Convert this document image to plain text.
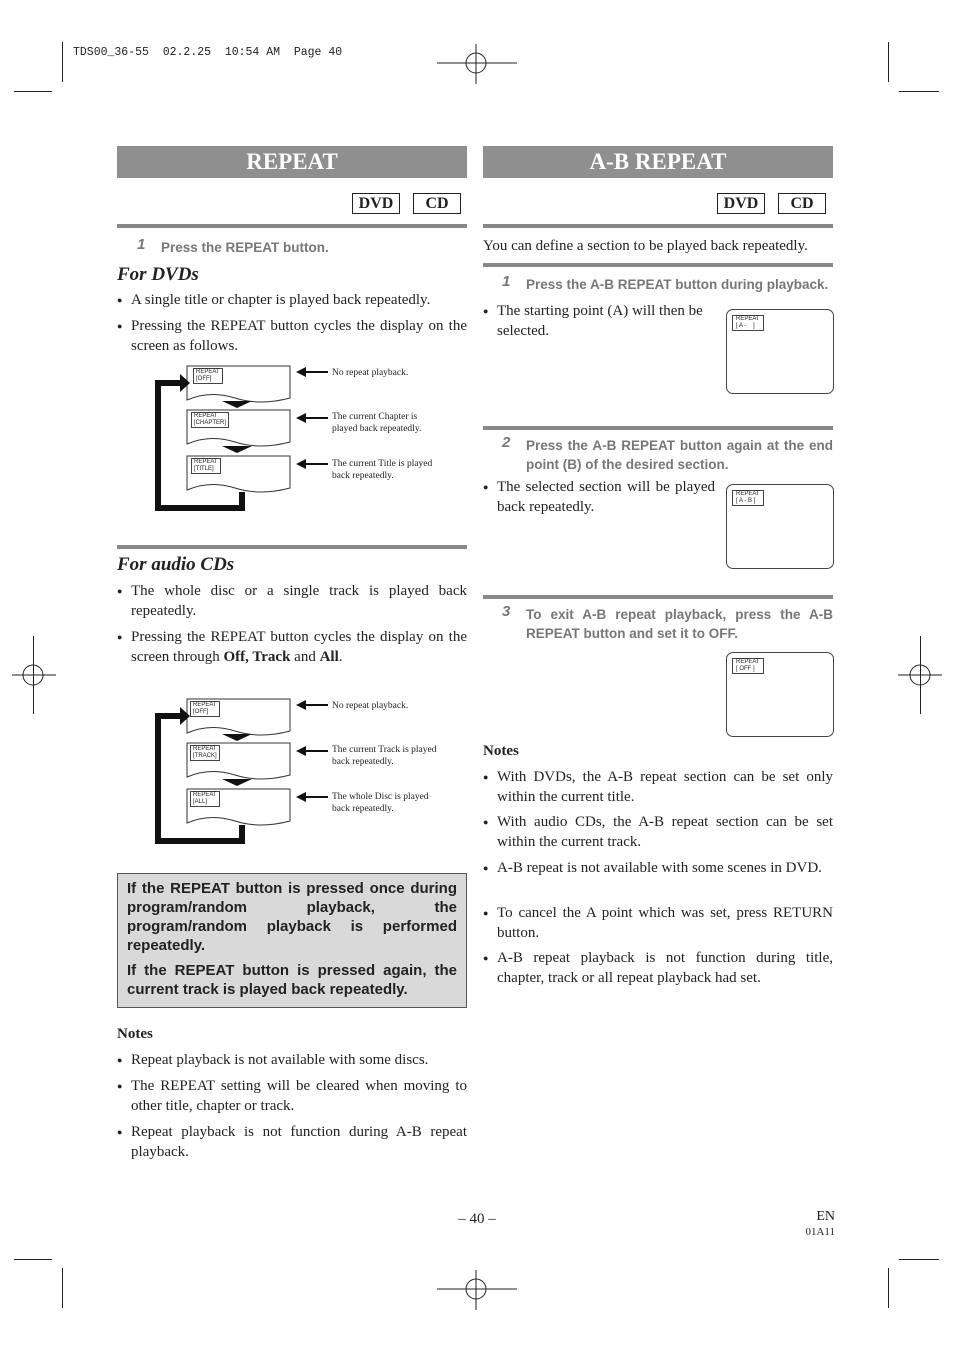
TDS00_36-55  02.2.25  10:54 AM  Page 40
REPEAT
DVD	CD
1 Press the REPEAT button.
For DVDs
● A single title or chapter is played back repeatedly.
● Pressing the REPEAT button cycles the display on the screen as follows.
REPEAT
[OFF]
REPEAT
[CHAPTER]
REPEAT
[TITLE]
No repeat playback.
The current Chapter is played back repeatedly.
The current Title is played back repeatedly.
For audio CDs
● The whole disc or a single track is played back repeatedly.
● Pressing the REPEAT button cycles the display on the screen through Off, Track and All.
REPEAT
[OFF]
REPEAT
[TRACK]
REPEAT
[ALL]
No repeat playback.
The current Track is played back repeatedly.
The whole Disc is played back repeatedly.
If the REPEAT button is pressed once during program/random playback, the program/random playback is performed repeatedly.
If the REPEAT button is pressed again, the current track is played back repeatedly.
Notes
● Repeat playback is not available with some discs.
● The REPEAT setting will be cleared when moving to other title, chapter or track.
● Repeat playback is not function during A-B repeat playback.
A-B REPEAT
DVD	CD
You can define a section to be played back repeatedly.
1 Press the A-B REPEAT button during playback.
● The starting point (A) will then be selected.
REPEAT
[ A -    ]
2 Press the A-B REPEAT button again at the end point (B) of the desired section.
● The selected section will be played back repeatedly.
REPEAT
[ A - B ]
3 To exit A-B repeat playback, press the A-B REPEAT button and set it to OFF.
REPEAT
[ OFF ]
Notes
● With DVDs, the A-B repeat section can be set only within the current title.
● With audio CDs, the A-B repeat section can be set within the current track.
● A-B repeat is not available with some scenes in DVD.
● To cancel the A point which was set, press RETURN button.
● A-B repeat playback is not function during title, chapter, track or all repeat playback had set.
– 40 –	EN
01A11
